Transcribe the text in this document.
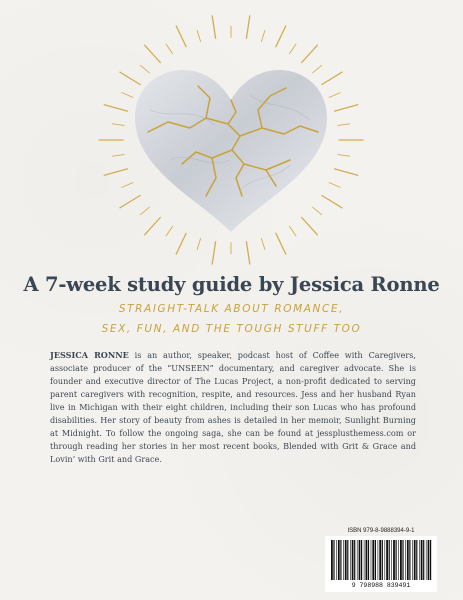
A 7-week study guide by Jessica Ronne
STRAIGHT-TALK ABOUT ROMANCE,
SEX, FUN, AND THE TOUGH STUFF TOO

JESSICA RONNE is an author, speaker, podcast host of Coffee with Caregivers, associate producer of the “UNSEEN” documentary, and caregiver advocate. She is founder and executive director of The Lucas Project, a non-profit dedicated to serving parent caregivers with recognition, respite, and resources. Jess and her husband Ryan live in Michigan with their eight children, including their son Lucas who has profound disabilities. Her story of beauty from ashes is detailed in her memoir, Sunlight Burning at Midnight. To follow the ongoing saga, she can be found at jessplusthemess.com or through reading her stories in her most recent books, Blended with Grit & Grace and Lovin’ with Grit and Grace.

ISBN 979-8-9888394-9-1
9 798988 839491
